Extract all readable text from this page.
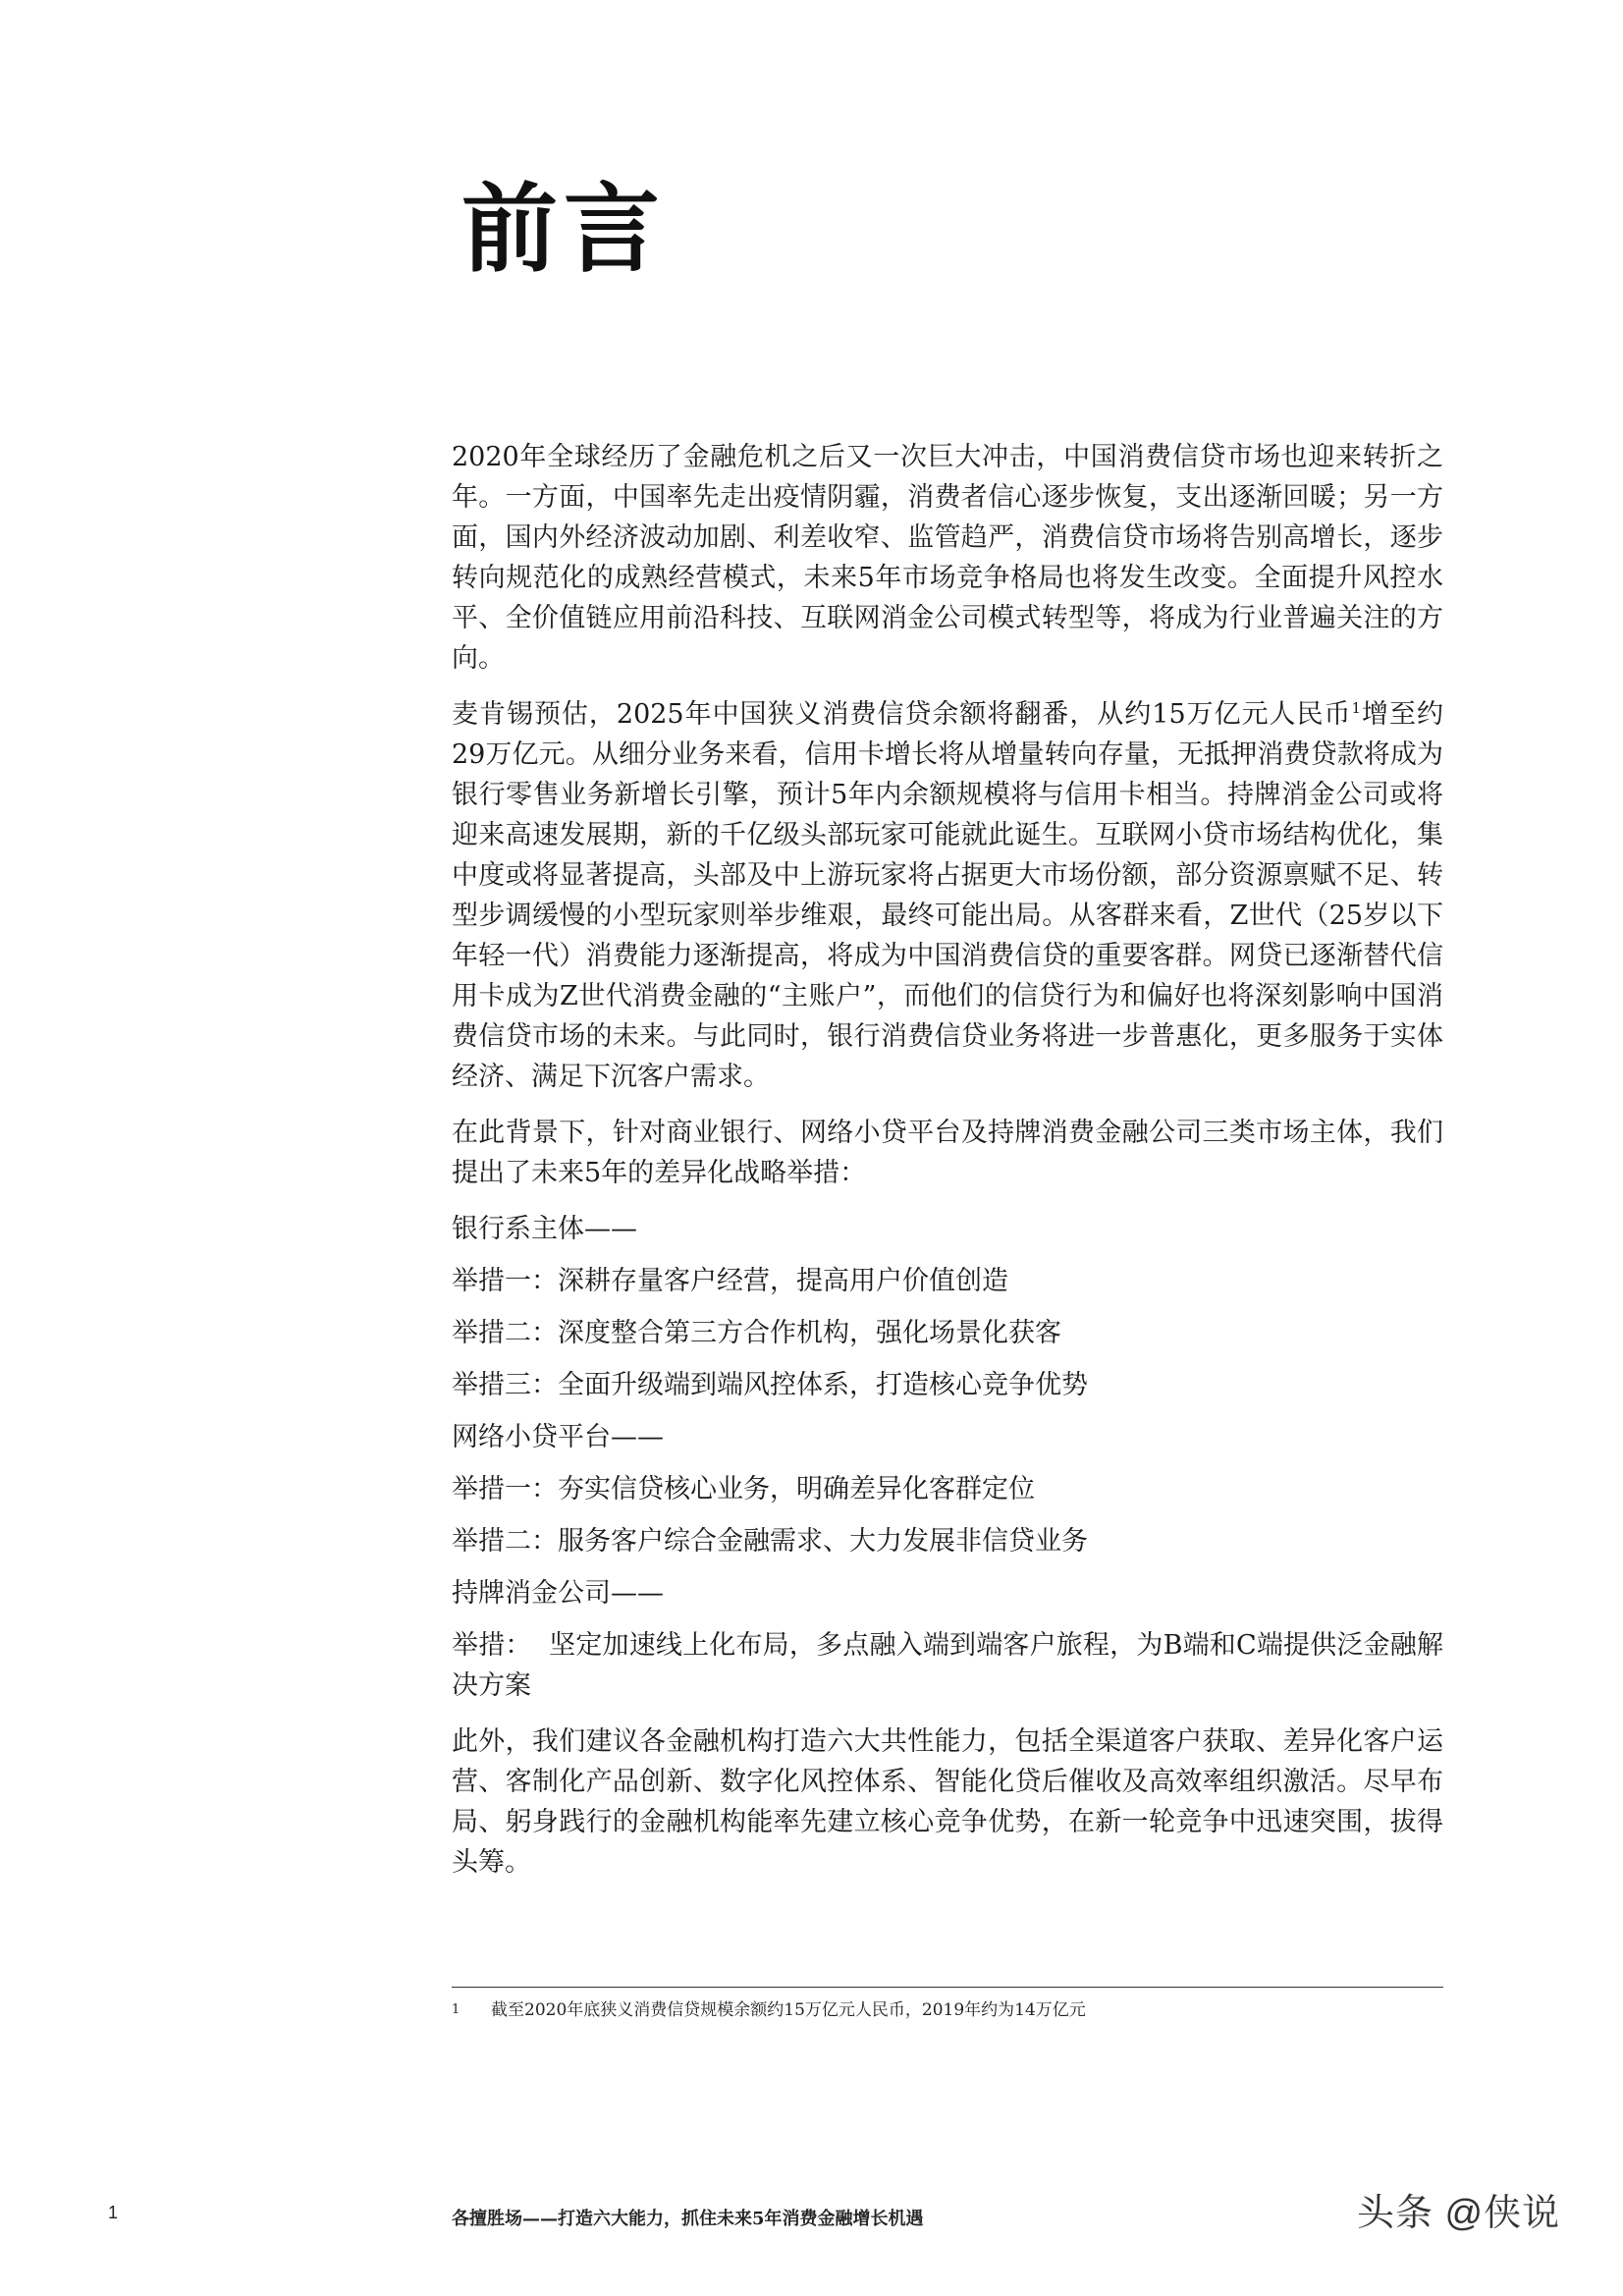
前言

2020年全球经历了金融危机之后又一次巨大冲击，中国消费信贷市场也迎来转折之年。一方面，中国率先走出疫情阴霾，消费者信心逐步恢复，支出逐渐回暖；另一方面，国内外经济波动加剧、利差收窄、监管趋严，消费信贷市场将告别高增长，逐步转向规范化的成熟经营模式，未来5年市场竞争格局也将发生改变。全面提升风控水平、全价值链应用前沿科技、互联网消金公司模式转型等，将成为行业普遍关注的方向。

麦肯锡预估，2025年中国狭义消费信贷余额将翻番，从约15万亿元人民币$^1$增至约29万亿元。从细分业务来看，信用卡增长将从增量转向存量，无抵押消费贷款将成为银行零售业务新增长引擎，预计5年内余额规模将与信用卡相当。持牌消金公司或将迎来高速发展期，新的千亿级头部玩家可能就此诞生。互联网小贷市场结构优化，集中度或将显著提高，头部及中上游玩家将占据更大市场份额，部分资源禀赋不足、转型步调缓慢的小型玩家则举步维艰，最终可能出局。从客群来看，Z世代（25岁以下年轻一代）消费能力逐渐提高，将成为中国消费信贷的重要客群。网贷已逐渐替代信用卡成为Z世代消费金融的“主账户”，而他们的信贷行为和偏好也将深刻影响中国消费信贷市场的未来。与此同时，银行消费信贷业务将进一步普惠化，更多服务于实体经济、满足下沉客户需求。

在此背景下，针对商业银行、网络小贷平台及持牌消费金融公司三类市场主体，我们提出了未来5年的差异化战略举措：

银行系主体——
举措一：深耕存量客户经营，提高用户价值创造
举措二：深度整合第三方合作机构，强化场景化获客
举措三：全面升级端到端风控体系，打造核心竞争优势
网络小贷平台——
举措一：夯实信贷核心业务，明确差异化客群定位
举措二：服务客户综合金融需求、大力发展非信贷业务
持牌消金公司——

举措：  坚定加速线上化布局，多点融入端到端客户旅程，为B端和C端提供泛金融解决方案

此外，我们建议各金融机构打造六大共性能力，包括全渠道客户获取、差异化客户运营、客制化产品创新、数字化风控体系、智能化贷后催收及高效率组织激活。尽早布局、躬身践行的金融机构能率先建立核心竞争优势，在新一轮竞争中迅速突围，拔得头筹。

1 截至2020年底狭义消费信贷规模余额约15万亿元人民币，2019年约为14万亿元
1	各擅胜场——打造六大能力，抓住未来5年消费金融增长机遇	头条 @侠说
